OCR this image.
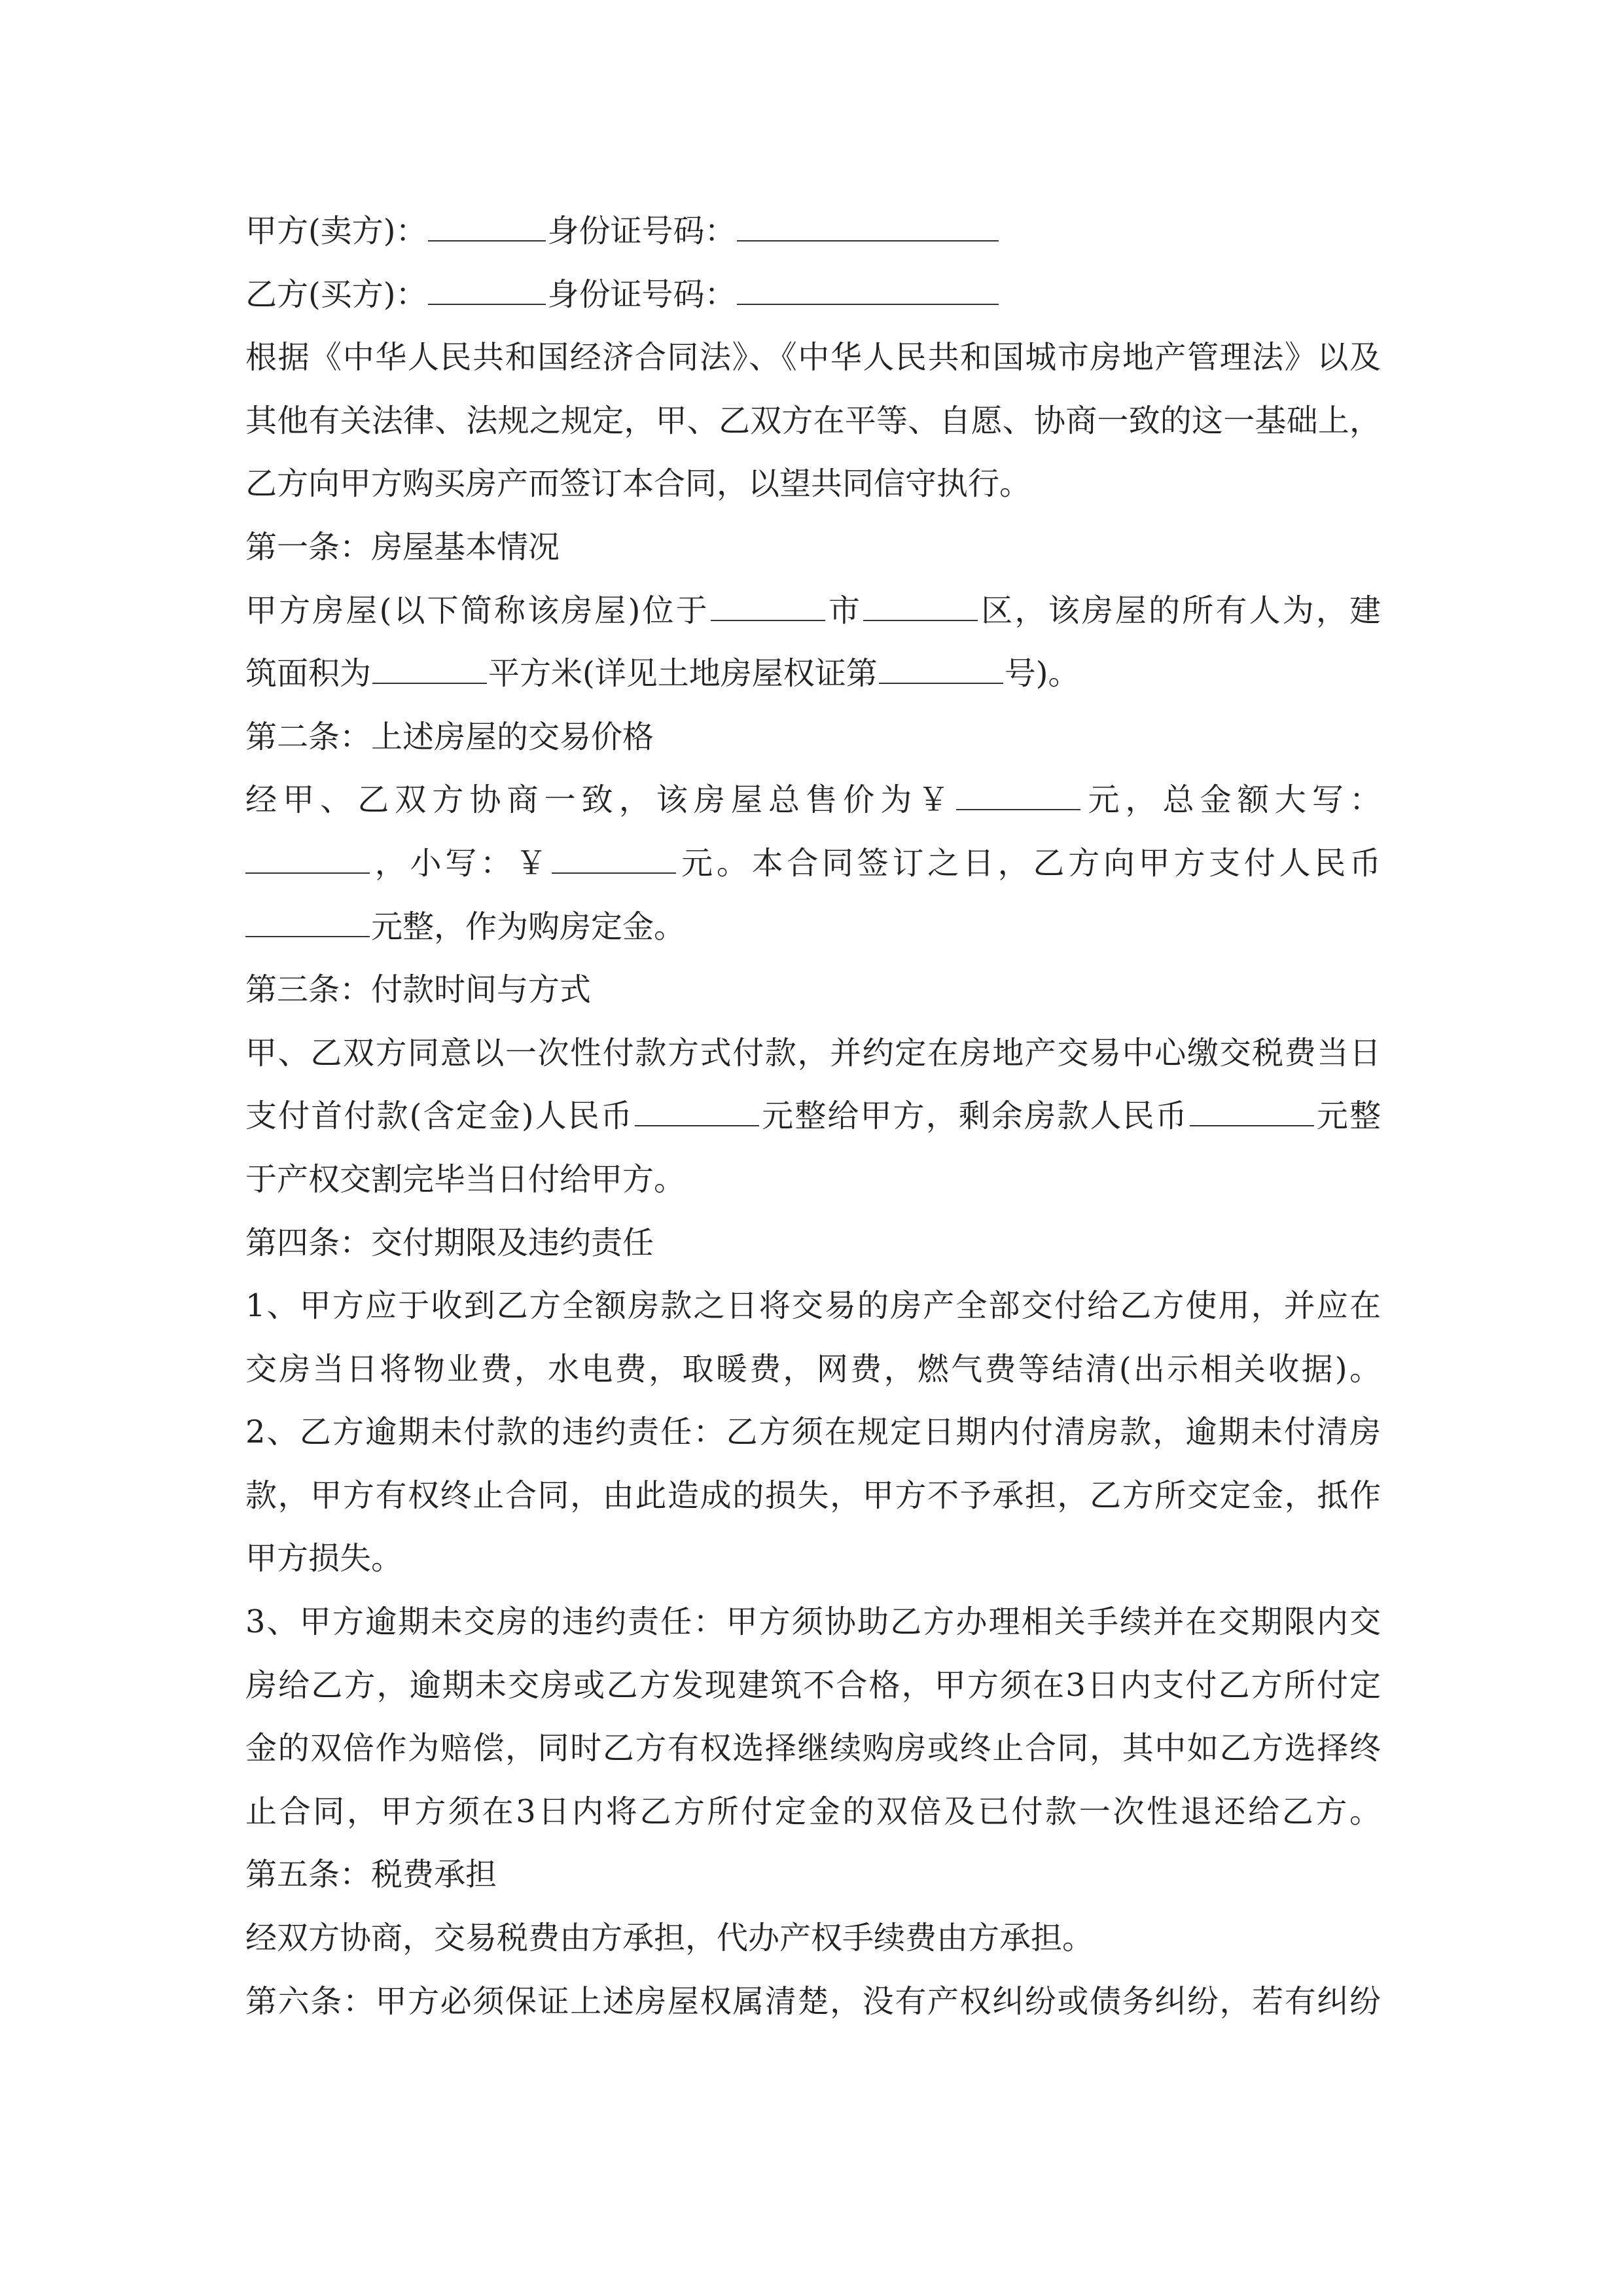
甲方(卖方)：	身份证号码：
乙方(买方)：	身份证号码：
根据《中华人民共和国经济合同法》、《中华人民共和国城市房地产管理法》以及
其他有关法律、法规之规定，甲、乙双方在平等、自愿、协商一致的这一基础上，
乙方向甲方购买房产而签订本合同，以望共同信守执行。
第一条：房屋基本情况
甲方房屋(以下简称该房屋)位于	市	区，该房屋的所有人为，建
筑面积为	平方米(详见土地房屋权证第	号)。
第二条：上述房屋的交易价格
经甲、乙双方协商一致，该房屋总售价为￥	元，总金额大写：
，小写：￥	元。本合同签订之日，乙方向甲方支付人民币
元整，作为购房定金。
第三条：付款时间与方式
甲、乙双方同意以一次性付款方式付款，并约定在房地产交易中心缴交税费当日
支付首付款(含定金)人民币	元整给甲方，剩余房款人民币	元整
于产权交割完毕当日付给甲方。
第四条：交付期限及违约责任
1、甲方应于收到乙方全额房款之日将交易的房产全部交付给乙方使用，并应在
交房当日将物业费，水电费，取暖费，网费，燃气费等结清(出示相关收据)。
2、乙方逾期未付款的违约责任：乙方须在规定日期内付清房款，逾期未付清房
款，甲方有权终止合同，由此造成的损失，甲方不予承担，乙方所交定金，抵作
甲方损失。
3、甲方逾期未交房的违约责任：甲方须协助乙方办理相关手续并在交期限内交
房给乙方，逾期未交房或乙方发现建筑不合格，甲方须在3日内支付乙方所付定
金的双倍作为赔偿，同时乙方有权选择继续购房或终止合同，其中如乙方选择终
止合同，甲方须在3日内将乙方所付定金的双倍及已付款一次性退还给乙方。
第五条：税费承担
经双方协商，交易税费由方承担，代办产权手续费由方承担。
第六条：甲方必须保证上述房屋权属清楚，没有产权纠纷或债务纠纷，若有纠纷
